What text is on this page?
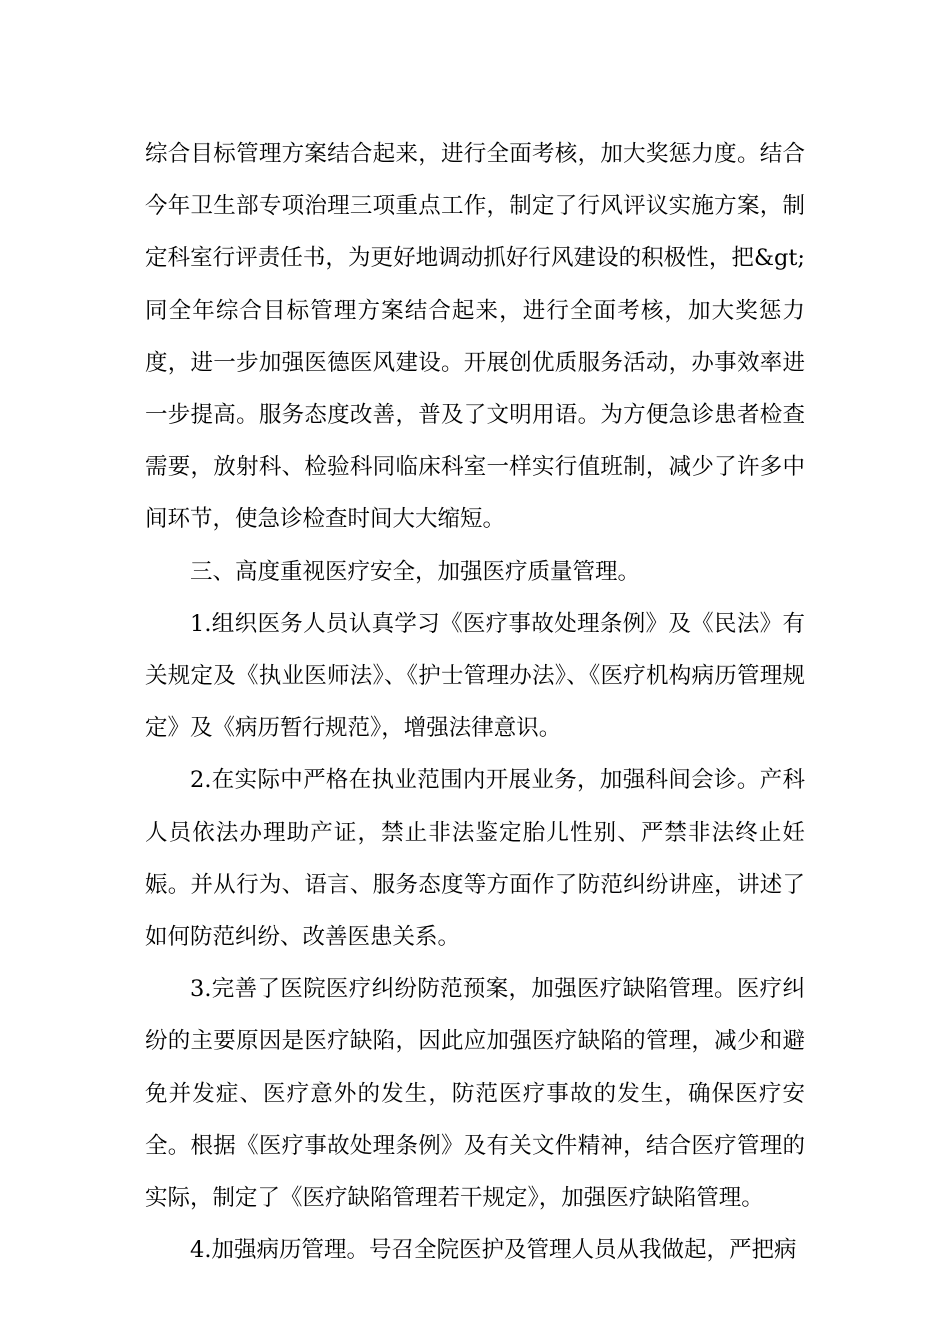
综合目标管理方案结合起来，进行全面考核，加大奖惩力度。结合今年卫生部专项治理三项重点工作，制定了行风评议实施方案，制定科室行评责任书，为更好地调动抓好行风建设的积极性，把&gt;同全年综合目标管理方案结合起来，进行全面考核，加大奖惩力度，进一步加强医德医风建设。开展创优质服务活动，办事效率进一步提高。服务态度改善，普及了文明用语。为方便急诊患者检查需要，放射科、检验科同临床科室一样实行值班制，减少了许多中间环节，使急诊检查时间大大缩短。

三、高度重视医疗安全，加强医疗质量管理。

1.组织医务人员认真学习《医疗事故处理条例》及《民法》有关规定及《执业医师法》、《护士管理办法》、《医疗机构病历管理规定》及《病历暂行规范》，增强法律意识。

2.在实际中严格在执业范围内开展业务，加强科间会诊。产科人员依法办理助产证，禁止非法鉴定胎儿性别、严禁非法终止妊娠。并从行为、语言、服务态度等方面作了防范纠纷讲座，讲述了如何防范纠纷、改善医患关系。

3.完善了医院医疗纠纷防范预案，加强医疗缺陷管理。医疗纠纷的主要原因是医疗缺陷，因此应加强医疗缺陷的管理，减少和避免并发症、医疗意外的发生，防范医疗事故的发生，确保医疗安全。根据《医疗事故处理条例》及有关文件精神，结合医疗管理的实际，制定了《医疗缺陷管理若干规定》，加强医疗缺陷管理。

4.加强病历管理。号召全院医护及管理人员从我做起，严把病
